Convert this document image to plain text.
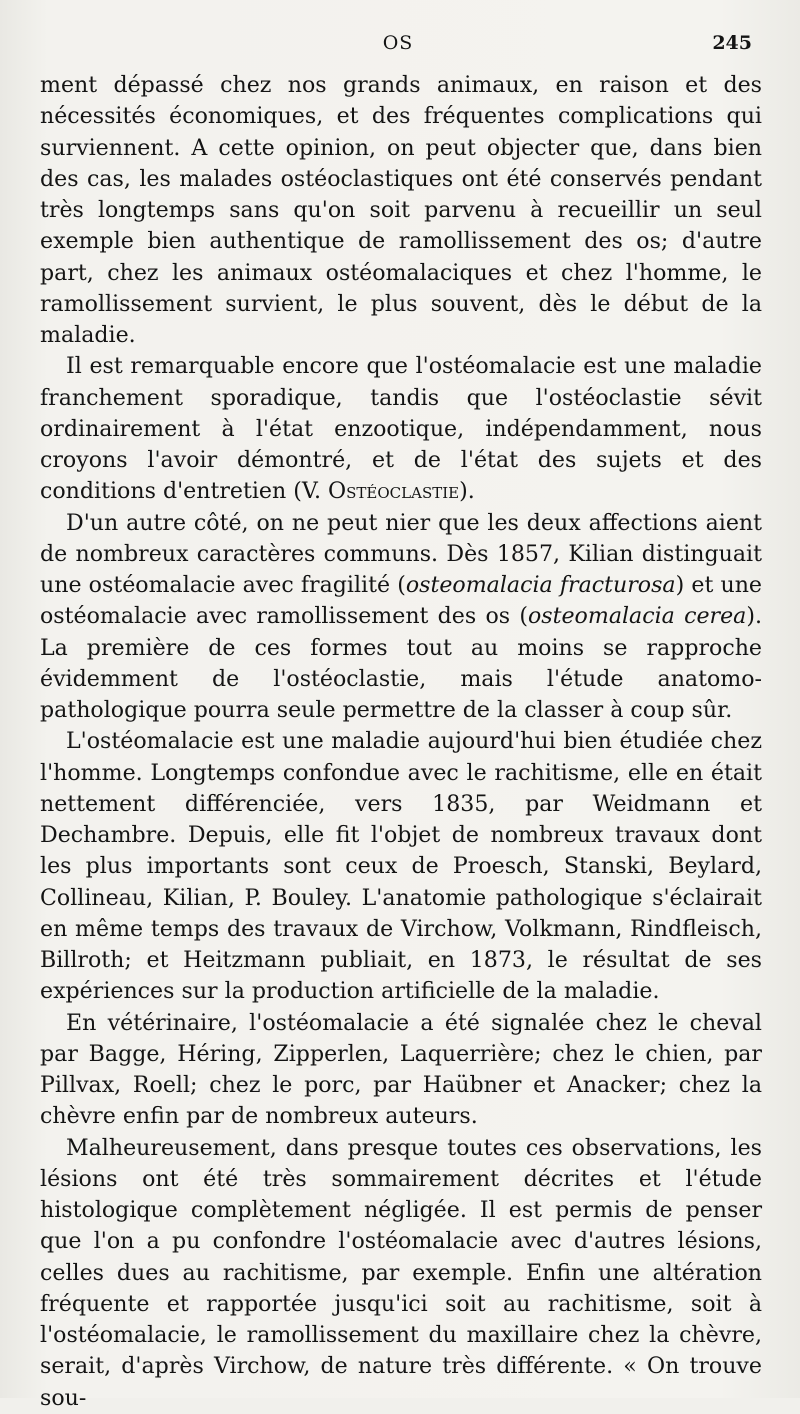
OS	245

ment dépassé chez nos grands animaux, en raison et des nécessités économiques, et des fréquentes complications qui surviennent. A cette opinion, on peut objecter que, dans bien des cas, les malades ostéoclastiques ont été conservés pendant très longtemps sans qu'on soit parvenu à recueillir un seul exemple bien authentique de ramollissement des os; d'autre part, chez les animaux ostéomalaciques et chez l'homme, le ramollissement survient, le plus souvent, dès le début de la maladie.

Il est remarquable encore que l'ostéomalacie est une maladie franchement sporadique, tandis que l'ostéoclastie sévit ordinairement à l'état enzootique, indépendamment, nous croyons l'avoir démontré, et de l'état des sujets et des conditions d'entretien (V. Ostéoclastie).

D'un autre côté, on ne peut nier que les deux affections aient de nombreux caractères communs. Dès 1857, Kilian distinguait une ostéomalacie avec fragilité (osteomalacia fracturosa) et une ostéomalacie avec ramollissement des os (osteomalacia cerea). La première de ces formes tout au moins se rapproche évidemment de l'ostéoclastie, mais l'étude anatomo-pathologique pourra seule permettre de la classer à coup sûr.

L'ostéomalacie est une maladie aujourd'hui bien étudiée chez l'homme. Longtemps confondue avec le rachitisme, elle en était nettement différenciée, vers 1835, par Weidmann et Dechambre. Depuis, elle fit l'objet de nombreux travaux dont les plus importants sont ceux de Proesch, Stanski, Beylard, Collineau, Kilian, P. Bouley. L'anatomie pathologique s'éclairait en même temps des travaux de Virchow, Volkmann, Rindfleisch, Billroth; et Heitzmann publiait, en 1873, le résultat de ses expériences sur la production artificielle de la maladie.

En vétérinaire, l'ostéomalacie a été signalée chez le cheval par Bagge, Héring, Zipperlen, Laquerrière; chez le chien, par Pillvax, Roell; chez le porc, par Haübner et Anacker; chez la chèvre enfin par de nombreux auteurs.

Malheureusement, dans presque toutes ces observations, les lésions ont été très sommairement décrites et l'étude histologique complètement négligée. Il est permis de penser que l'on a pu confondre l'ostéomalacie avec d'autres lésions, celles dues au rachitisme, par exemple. Enfin une altération fréquente et rapportée jusqu'ici soit au rachitisme, soit à l'ostéomalacie, le ramollissement du maxillaire chez la chèvre, serait, d'après Virchow, de nature très différente. « On trouve sou-
